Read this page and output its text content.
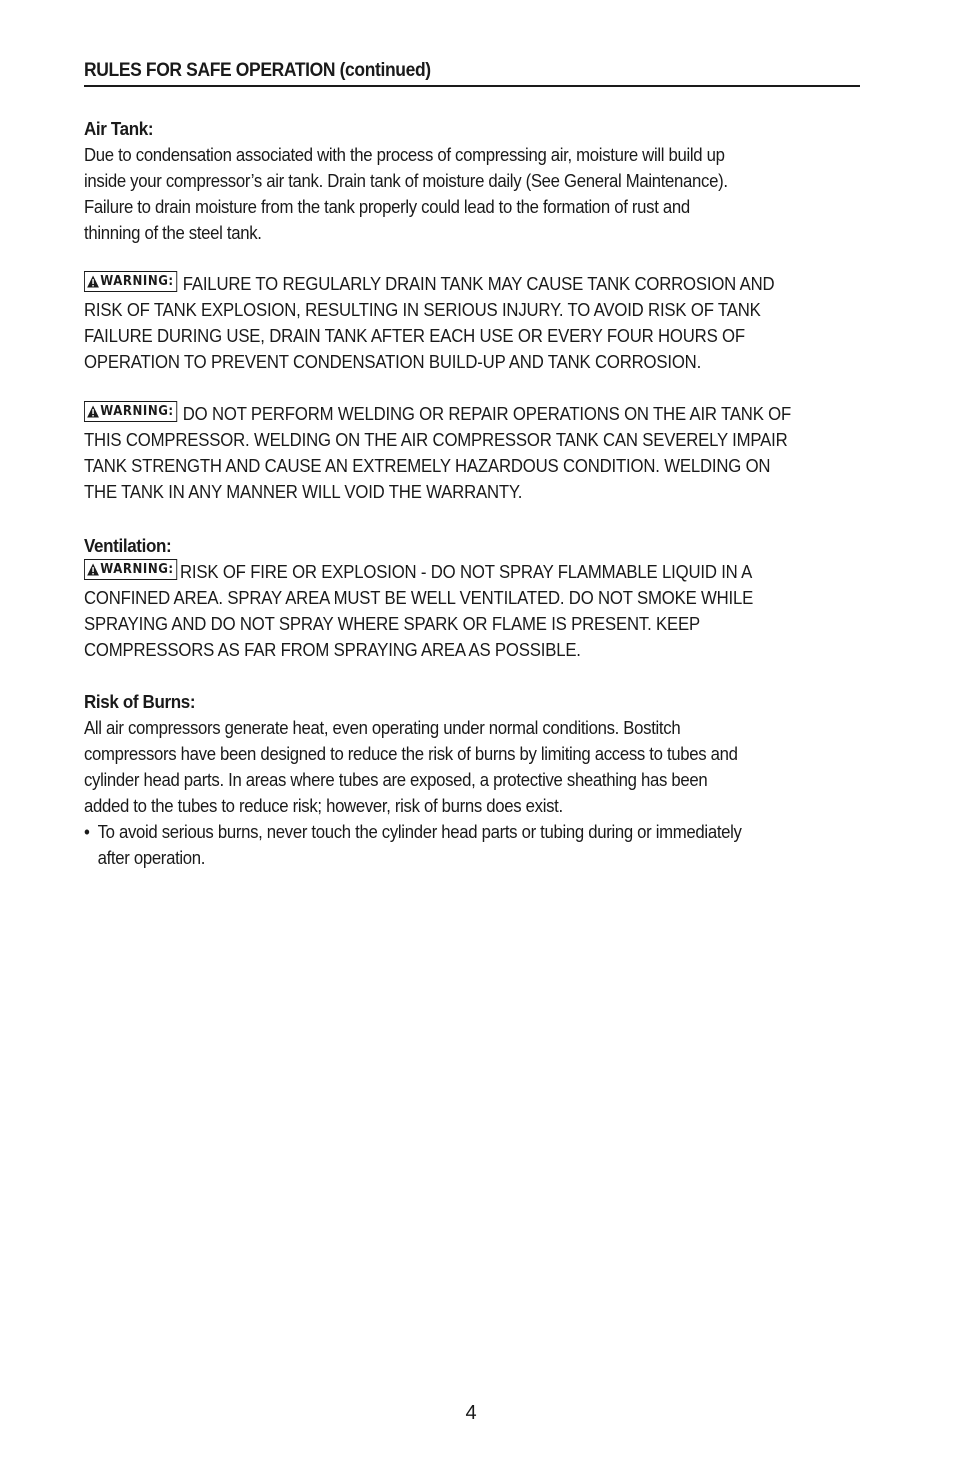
RULES FOR SAFE OPERATION (continued)
Air Tank:
Due to condensation associated with the process of compressing air, moisture will build up
inside your compressor’s air tank. Drain tank of moisture daily (See General Maintenance).
Failure to drain moisture from the tank properly could lead to the formation of rust and
thinning of the steel tank.
WARNING: FAILURE TO REGULARLY DRAIN TANK MAY CAUSE TANK CORROSION AND
RISK OF TANK EXPLOSION, RESULTING IN SERIOUS INJURY. TO AVOID RISK OF TANK
FAILURE DURING USE, DRAIN TANK AFTER EACH USE OR EVERY FOUR HOURS OF
OPERATION TO PREVENT CONDENSATION BUILD-UP AND TANK CORROSION.
WARNING: DO NOT PERFORM WELDING OR REPAIR OPERATIONS ON THE AIR TANK OF
THIS COMPRESSOR. WELDING ON THE AIR COMPRESSOR TANK CAN SEVERELY IMPAIR
TANK STRENGTH AND CAUSE AN EXTREMELY HAZARDOUS CONDITION. WELDING ON
THE TANK IN ANY MANNER WILL VOID THE WARRANTY.
Ventilation:
WARNING: RISK OF FIRE OR EXPLOSION - DO NOT SPRAY FLAMMABLE LIQUID IN A
CONFINED AREA. SPRAY AREA MUST BE WELL VENTILATED. DO NOT SMOKE WHILE
SPRAYING AND DO NOT SPRAY WHERE SPARK OR FLAME IS PRESENT. KEEP
COMPRESSORS AS FAR FROM SPRAYING AREA AS POSSIBLE.
Risk of Burns:
All air compressors generate heat, even operating under normal conditions. Bostitch
compressors have been designed to reduce the risk of burns by limiting access to tubes and
cylinder head parts. In areas where tubes are exposed, a protective sheathing has been
added to the tubes to reduce risk; however, risk of burns does exist.
• To avoid serious burns, never touch the cylinder head parts or tubing during or immediately
after operation.
4
